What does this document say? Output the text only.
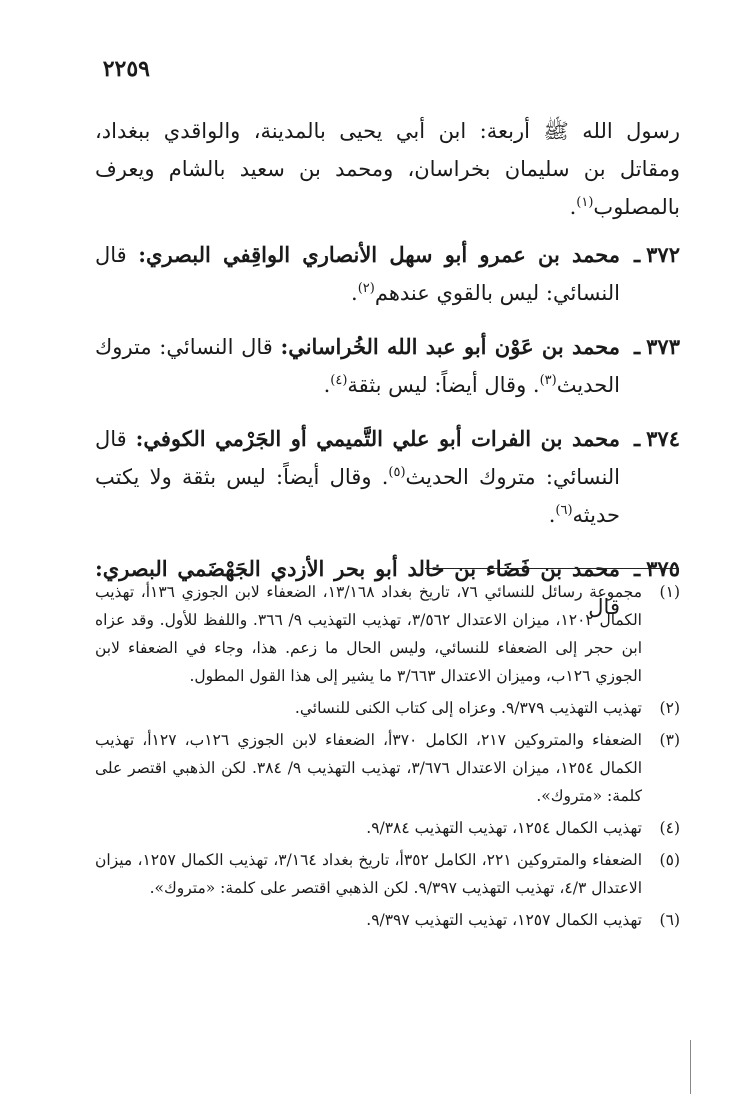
٢٢٥٩

رسول الله ﷺ أربعة: ابن أبي يحيى بالمدينة، والواقدي ببغداد، ومقاتل بن سليمان بخراسان، ومحمد بن سعيد بالشام ويعرف بالمصلوب$^{(١)}$.

٣٧٢ـ
محمد بن عمرو أبو سهل الأنصاري الواقِفي البصري: قال النسائي: ليس بالقوي عندهم$^{(٢)}$.
٣٧٣ـ
محمد بن عَوْن أبو عبد الله الخُراساني: قال النسائي: متروك الحديث$^{(٣)}$. وقال أيضاً: ليس بثقة$^{(٤)}$.
٣٧٤ـ
محمد بن الفرات أبو علي التَّميمي أو الجَرْمي الكوفي: قال النسائي: متروك الحديث$^{(٥)}$. وقال أيضاً: ليس بثقة ولا يكتب حديثه$^{(٦)}$.
٣٧٥ـ
محمد بن فَضَاء بن خالد أبو بحر الأزدي الجَهْضَمي البصري: قال
(١)
مجموعة رسائل للنسائي ٧٦، تاريخ بغداد ١٣/١٦٨، الضعفاء لابن الجوزي ١٣٦أ، تهذيب الكمال ١٢٠٢، ميزان الاعتدال ٣/٥٦٢، تهذيب التهذيب ٩/ ٣٦٦. واللفظ للأول. وقد عزاه ابن حجر إلى الضعفاء للنسائي، وليس الحال ما زعم. هذا، وجاء في الضعفاء لابن الجوزي ١٢٦ب، وميزان الاعتدال ٣/٦٦٣ ما يشير إلى هذا القول المطول.
(٢)
تهذيب التهذيب ٩/٣٧٩. وعزاه إلى كتاب الكنى للنسائي.
(٣)
الضعفاء والمتروكين ٢١٧، الكامل ٣٧٠أ، الضعفاء لابن الجوزي ١٢٦ب، ١٢٧أ، تهذيب الكمال ١٢٥٤، ميزان الاعتدال ٣/٦٧٦، تهذيب التهذيب ٩/ ٣٨٤. لكن الذهبي اقتصر على كلمة: «متروك».
(٤)
تهذيب الكمال ١٢٥٤، تهذيب التهذيب ٩/٣٨٤.
(٥)
الضعفاء والمتروكين ٢٢١، الكامل ٣٥٢أ، تاريخ بغداد ٣/١٦٤، تهذيب الكمال ١٢٥٧، ميزان الاعتدال ٤/٣، تهذيب التهذيب ٩/٣٩٧. لكن الذهبي اقتصر على كلمة: «متروك».
(٦)
تهذيب الكمال ١٢٥٧، تهذيب التهذيب ٩/٣٩٧.
